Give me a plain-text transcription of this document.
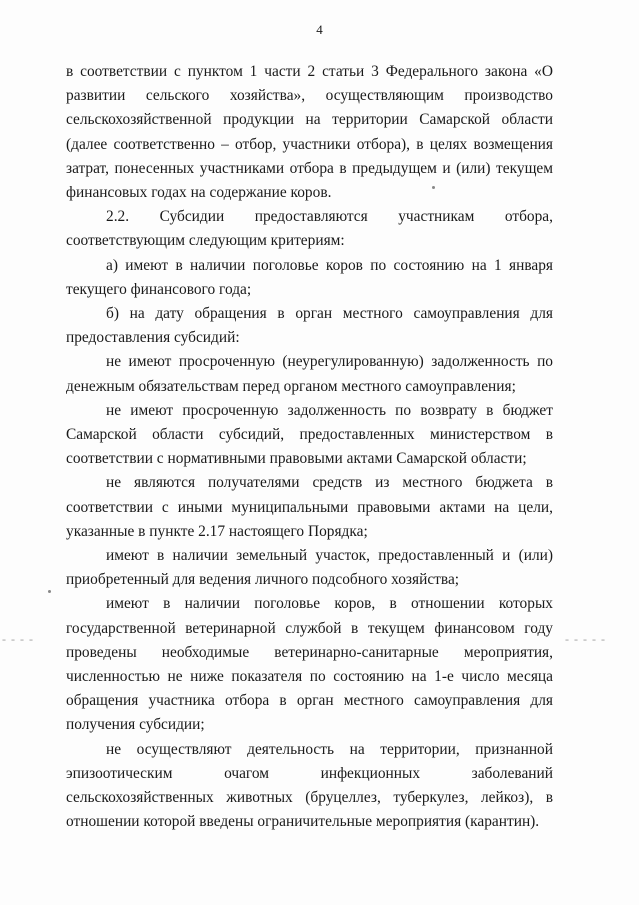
4

в соответствии с пунктом 1 части 2 статьи 3 Федерального закона «О развитии сельского хозяйства», осуществляющим производство сельскохозяйственной продукции на территории Самарской области (далее соответственно – отбор, участники отбора), в целях возмещения затрат, понесенных участниками отбора в предыдущем и (или) текущем финансовых годах на содержание коров.

2.2. Субсидии предоставляются участникам отбора, соответствующим следующим критериям:

а) имеют в наличии поголовье коров по состоянию на 1 января текущего финансового года;

б) на дату обращения в орган местного самоуправления для предоставления субсидий:

не имеют просроченную (неурегулированную) задолженность по денежным обязательствам перед органом местного самоуправления;

не имеют просроченную задолженность по возврату в бюджет Самарской области субсидий, предоставленных министерством в соответствии с нормативными правовыми актами Самарской области;

не являются получателями средств из местного бюджета в соответствии с иными муниципальными правовыми актами на цели, указанные в пункте 2.17 настоящего Порядка;

имеют в наличии земельный участок, предоставленный и (или) приобретенный для ведения личного подсобного хозяйства;

имеют в наличии поголовье коров, в отношении которых государственной ветеринарной службой в текущем финансовом году проведены необходимые ветеринарно-санитарные мероприятия, численностью не ниже показателя по состоянию на 1-е число месяца обращения участника отбора в орган местного самоуправления для получения субсидии;

не осуществляют деятельность на территории, признанной эпизоотическим очагом инфекционных заболеваний сельскохозяйственных животных (бруцеллез, туберкулез, лейкоз), в отношении которой введены ограничительные мероприятия (карантин).

- - - -	- - - - -
